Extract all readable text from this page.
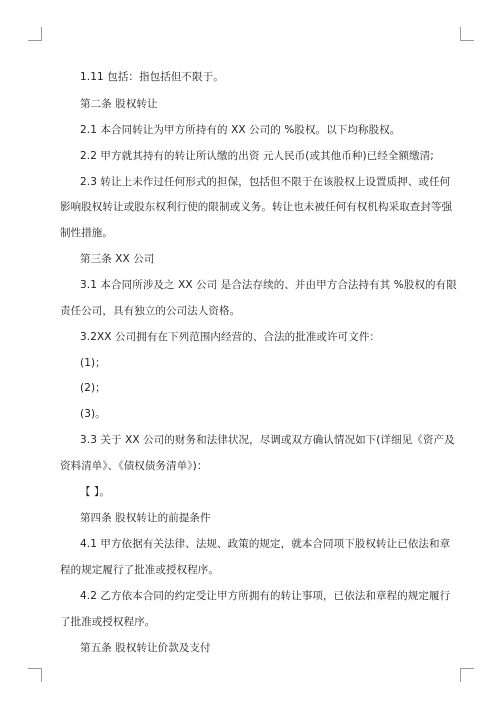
1.11 包括：指包括但不限于。
第二条 股权转让
2.1 本合同转让为甲方所持有的 XX 公司的 %股权。以下均称股权。
2.2 甲方就其持有的转让所认缴的出资 元人民币(或其他币种)已经全额缴清;
2.3 转让上未作过任何形式的担保，包括但不限于在该股权上设置质押、或任何
影响股权转让或股东权利行使的限制或义务。转让也未被任何有权机构采取查封等强
制性措施。
第三条 XX 公司
3.1 本合同所涉及之 XX 公司 是合法存续的、并由甲方合法持有其 %股权的有限
责任公司，具有独立的公司法人资格。
3.2XX 公司拥有在下列范围内经营的、合法的批准或许可文件：
(1)；
(2)；
(3)。
3.3 关于 XX 公司的财务和法律状况，尽调或双方确认情况如下(详细见《资产及
资料清单》、《债权债务清单》)：
【 】。
第四条 股权转让的前提条件
4.1 甲方依据有关法律、法规、政策的规定，就本合同项下股权转让已依法和章
程的规定履行了批准或授权程序。
4.2 乙方依本合同的约定受让甲方所拥有的转让事项，已依法和章程的规定履行
了批准或授权程序。
第五条 股权转让价款及支付
